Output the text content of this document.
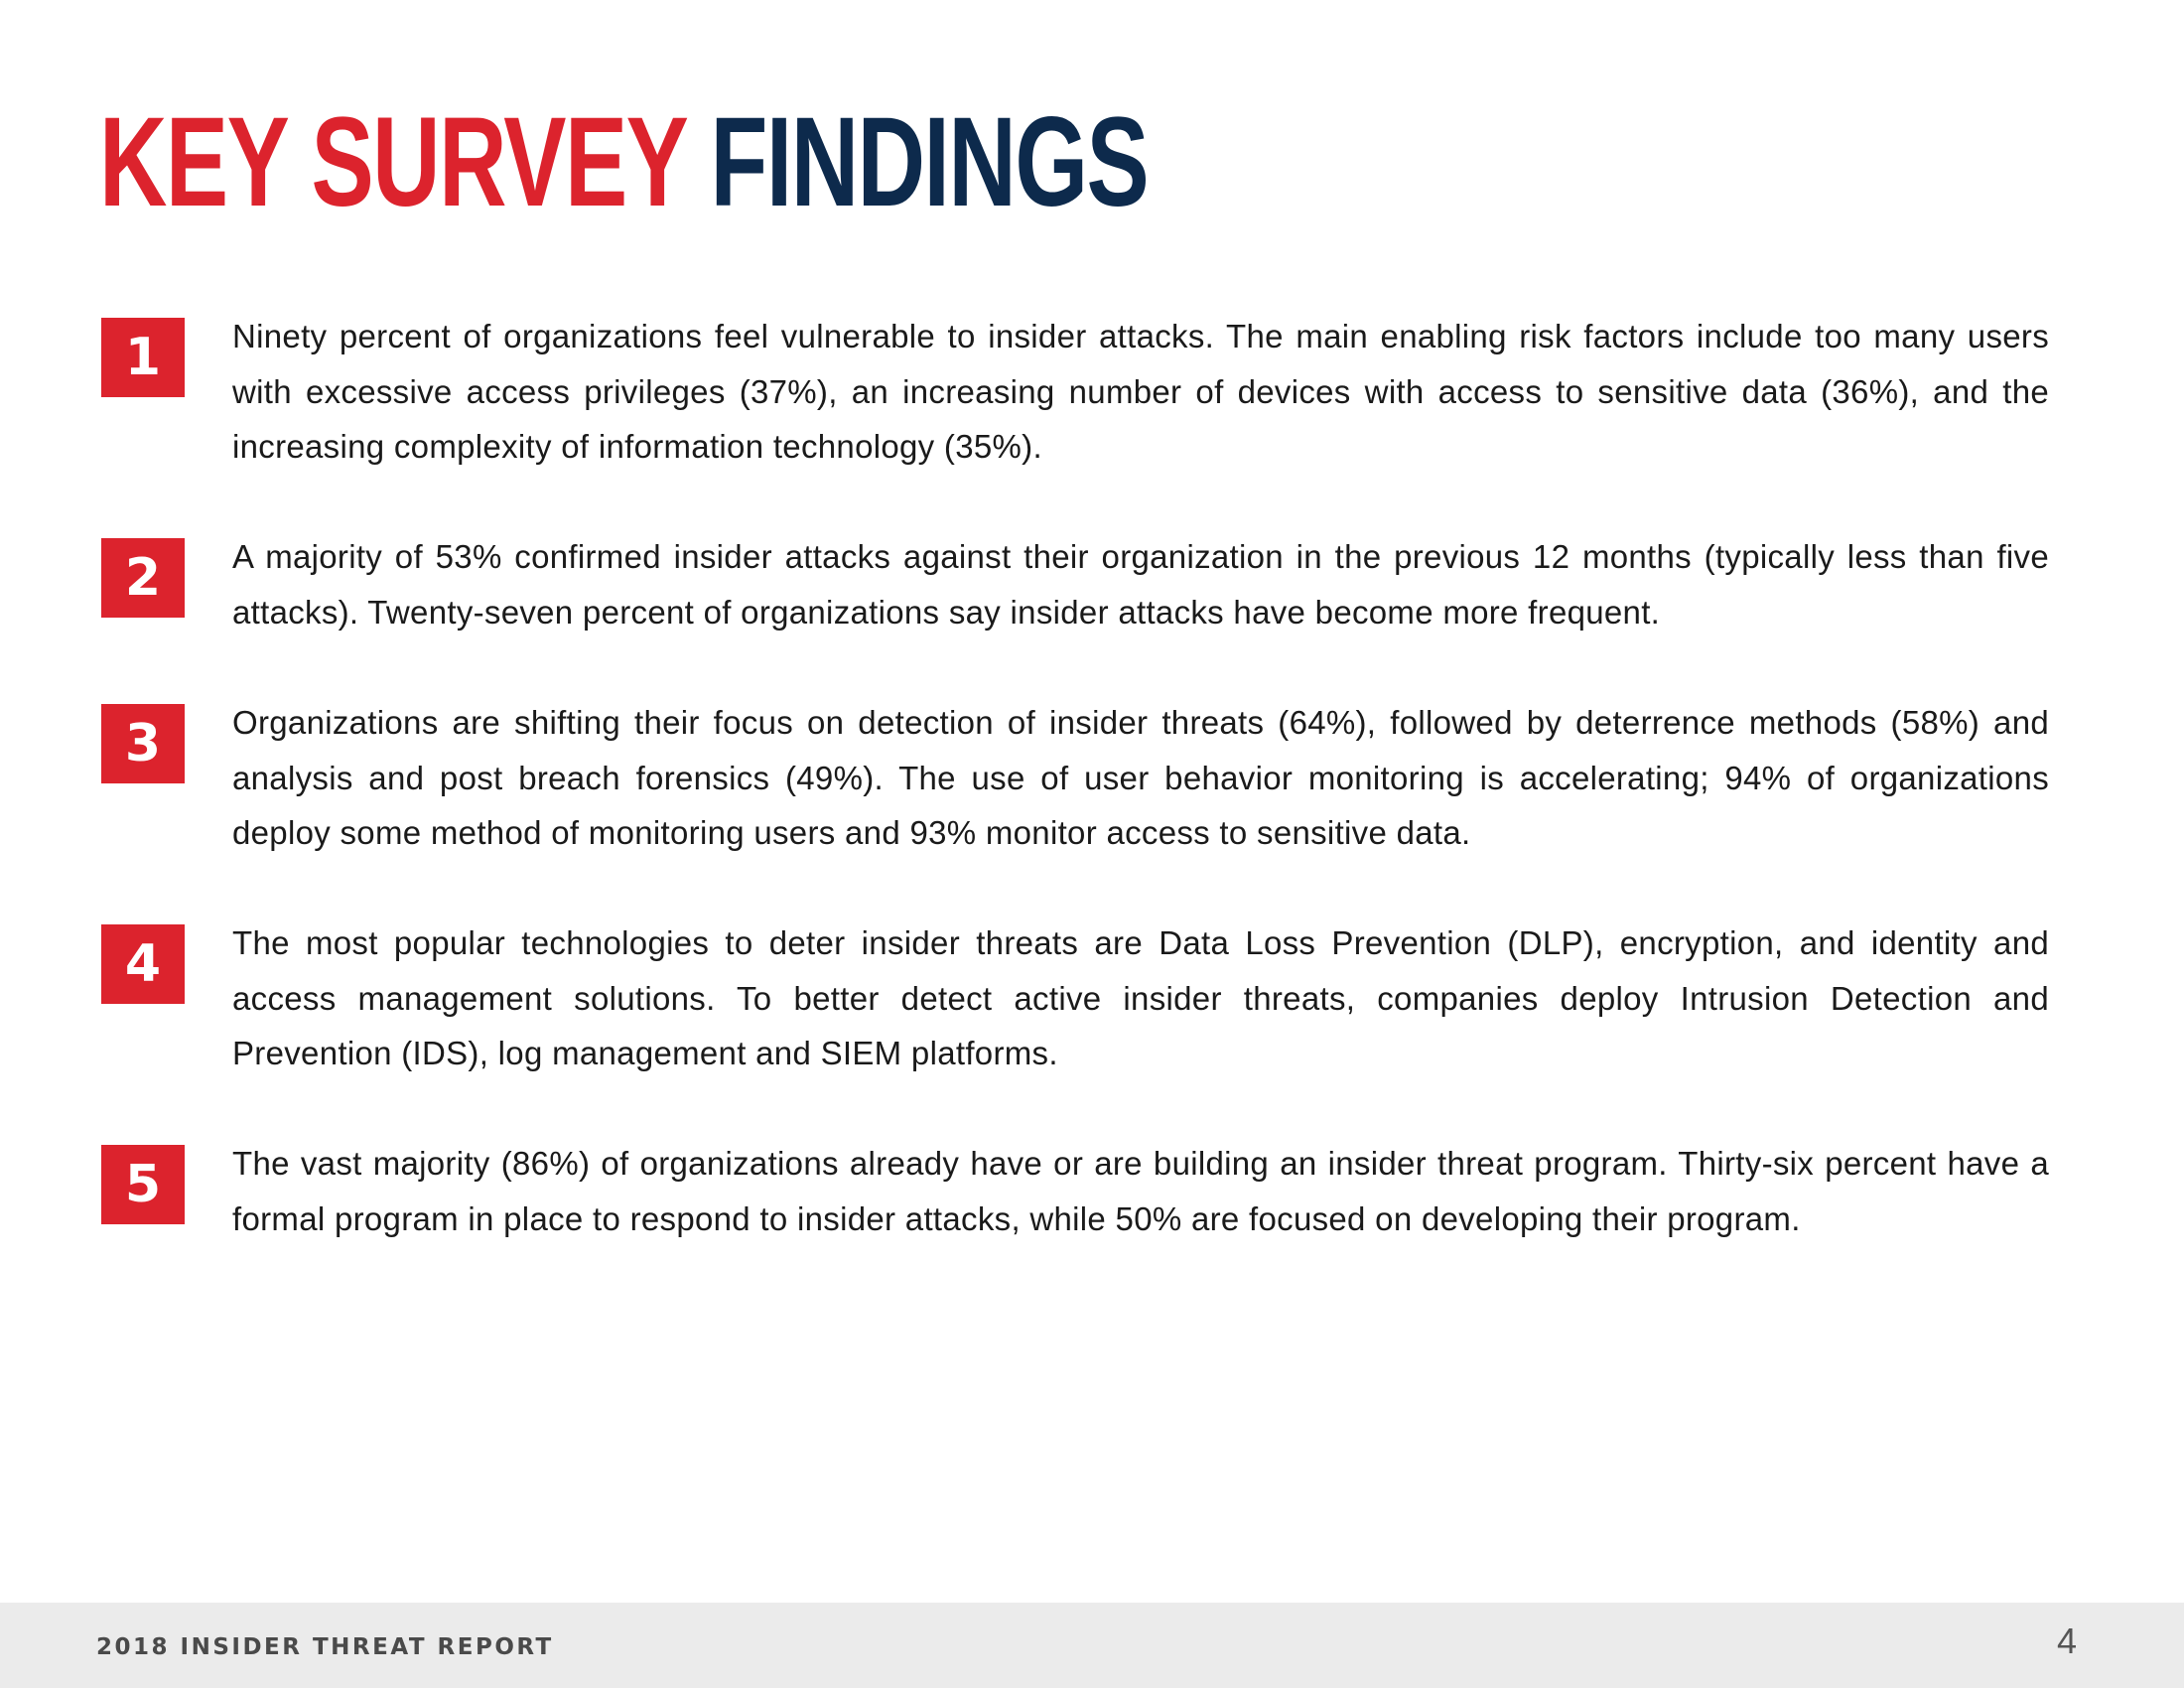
KEY SURVEY FINDINGS
1	Ninety percent of organizations feel vulnerable to insider attacks. The main enabling risk factors include too many users with excessive access privileges (37%), an increasing number of devices with access to sensitive data (36%), and the increasing complexity of information technology (35%).

2	A majority of 53% confirmed insider attacks against their organization in the previous 12 months (typically less than five attacks). Twenty-seven percent of organizations say insider attacks have become more frequent.

3	Organizations are shifting their focus on detection of insider threats (64%), followed by deterrence methods (58%) and analysis and post breach forensics (49%). The use of user behavior monitoring is accelerating; 94% of organizations deploy some method of monitoring users and 93% monitor access to sensitive data.

4	The most popular technologies to deter insider threats are Data Loss Prevention (DLP), encryption, and identity and access management solutions. To better detect active insider threats, companies deploy Intrusion Detection and Prevention (IDS), log management and SIEM platforms.

5	The vast majority (86%) of organizations already have or are building an insider threat program. Thirty-six percent have a formal program in place to respond to insider attacks, while 50% are focused on developing their program.

2018 INSIDER THREAT REPORT	4
